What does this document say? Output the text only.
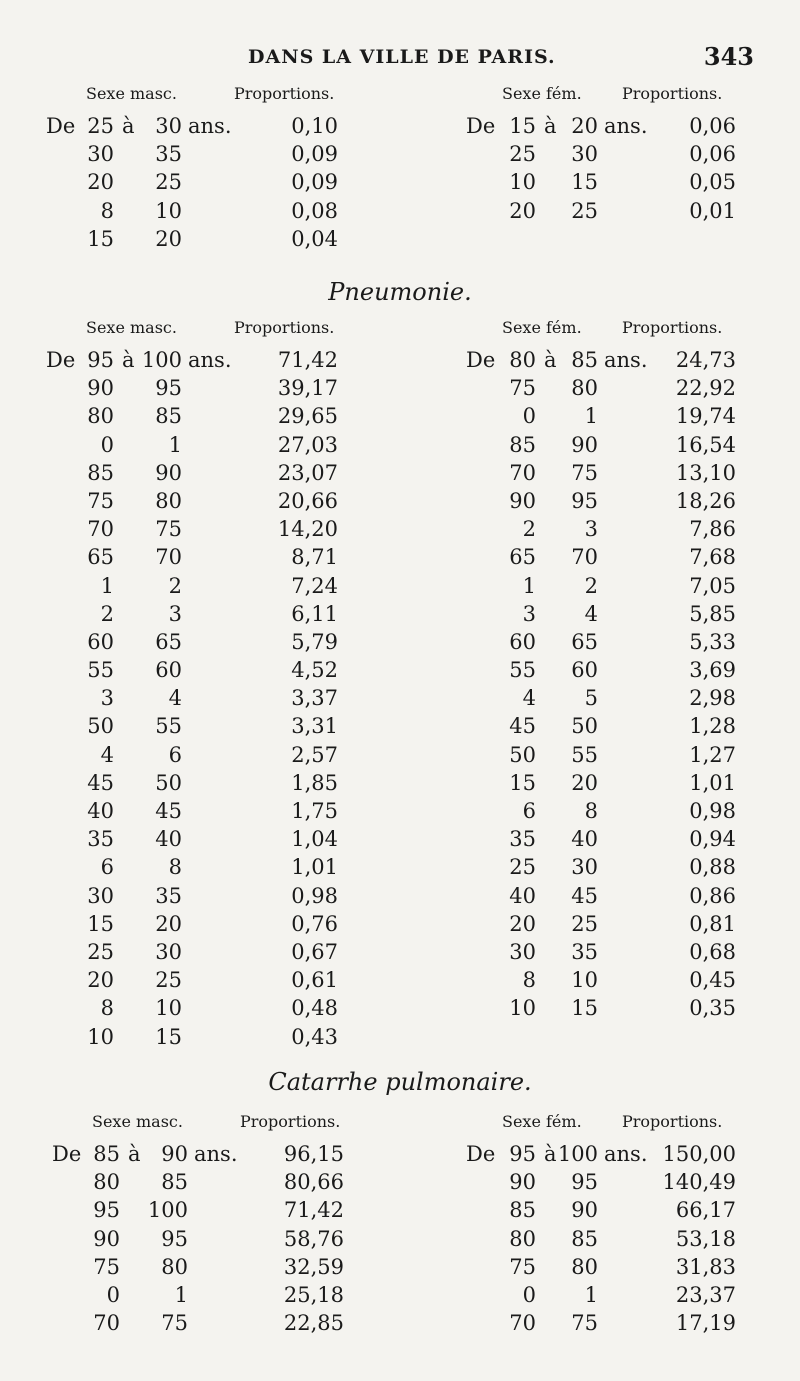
DANS LA VILLE DE PARIS.	343
Pneumonie.
Catarrhe pulmonaire.
Sexe masc.	Proportions.
De 25 à 30 ans.	0,10
30	35	0,09
20	25	0,09
8	10	0,08
15	20	0,04
Sexe fém.	Proportions.
De 15 à 20 ans.	0,06
25	30	0,06
10	15	0,05
20	25	0,01
Sexe masc.	Proportions.
De 95 à 100 ans.	71,42
90	95	39,17
80	85	29,65
0	1	27,03
85	90	23,07
75	80	20,66
70	75	14,20
65	70	8,71
1	2	7,24
2	3	6,11
60	65	5,79
55	60	4,52
3	4	3,37
50	55	3,31
4	6	2,57
45	50	1,85
40	45	1,75
35	40	1,04
6	8	1,01
30	35	0,98
15	20	0,76
25	30	0,67
20	25	0,61
8	10	0,48
10	15	0,43
Sexe fém.	Proportions.
De 80 à 85 ans.	24,73
75	80	22,92
0	1	19,74
85	90	16,54
70	75	13,10
90	95	18,26
2	3	7,86
65	70	7,68
1	2	7,05
3	4	5,85
60	65	5,33
55	60	3,69
4	5	2,98
45	50	1,28
50	55	1,27
15	20	1,01
6	8	0,98
35	40	0,94
25	30	0,88
40	45	0,86
20	25	0,81
30	35	0,68
8	10	0,45
10	15	0,35
Sexe masc.	Proportions.
De 85 à 90 ans.	96,15
80	85	80,66
95	100	71,42
90	95	58,76
75	80	32,59
0	1	25,18
70	75	22,85
Sexe fém.	Proportions.
De 95 à 100 ans. 150,00
90	95	140,49
85	90	66,17
80	85	53,18
75	80	31,83
0	1	23,37
70	75	17,19
